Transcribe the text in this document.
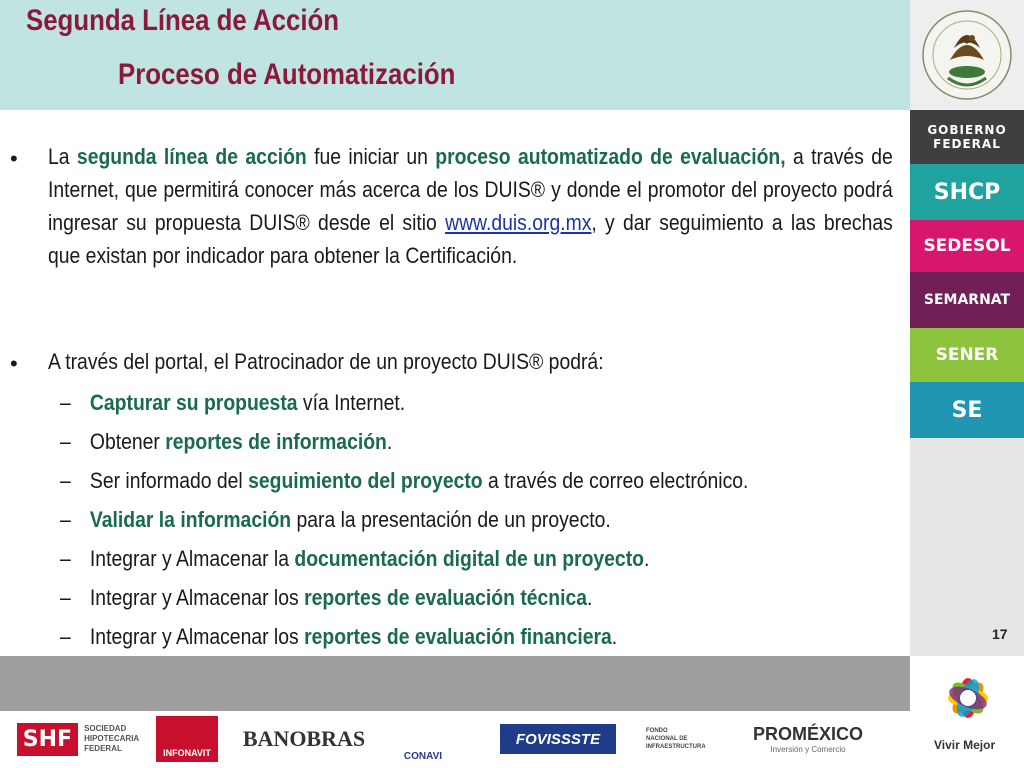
Segunda Línea de Acción
Proceso de Automatización
GOBIERNO
FEDERAL
SHCP
SEDESOL
SEMARNAT
SENER
SE
17
• La segunda línea de acción fue iniciar un proceso automatizado de evaluación, a través de Internet, que permitirá conocer más acerca de los DUIS® y donde el promotor del proyecto podrá ingresar su propuesta DUIS® desde el sitio www.duis.org.mx, y dar seguimiento a las brechas que existan por indicador para obtener la Certificación.
• A través del portal, el Patrocinador de un proyecto DUIS® podrá:
– Capturar su propuesta vía Internet.
– Obtener reportes de información.
– Ser informado del seguimiento del proyecto a través de correo electrónico.
– Validar la información para la presentación de un proyecto.
– Integrar y Almacenar la documentación digital de un proyecto.
– Integrar y Almacenar los reportes de evaluación técnica.
– Integrar y Almacenar los reportes de evaluación financiera.
SHF	SOCIEDAD
HIPOTECARIA
FEDERAL	INFONAVIT
BANOBRAS
CONAVI
FOVISSSTE	FONDO
NACIONAL DE
INFRAESTRUCTURA
PROMÉXICO
Inversión y Comercio	Vivir Mejor
